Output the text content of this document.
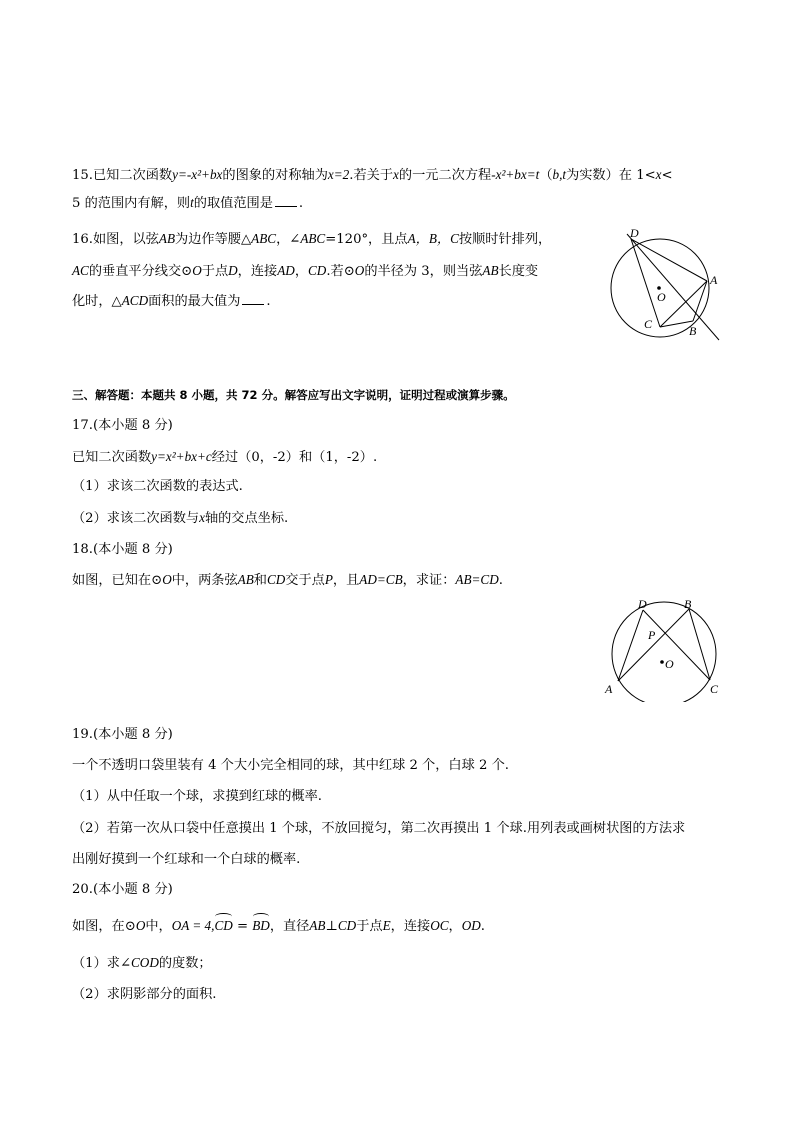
15.已知二次函数y=-x²+bx的图象的对称轴为x=2.若关于x的一元二次方程-x²+bx=t（b,t为实数）在 1<x<
5 的范围内有解，则t的取值范围是 .
16.如图，以弦AB为边作等腰△ABC，∠ABC=120°，且点A，B，C按顺时针排列，
AC的垂直平分线交⊙O于点D，连接AD，CD.若⊙O的半径为 3，则当弦AB长度变
化时，△ACD面积的最大值为 .
D
A
O
C	B
三、解答题：本题共 8 小题，共 72 分。解答应写出文字说明，证明过程或演算步骤。
17.(本小题 8 分)
已知二次函数y=x²+bx+c经过（0，-2）和（1，-2）.
（1）求该二次函数的表达式.
（2）求该二次函数与x轴的交点坐标.
18.(本小题 8 分)
如图，已知在⊙O中，两条弦AB和CD交于点P，且AD=CB，求证：AB=CD.
D	B
P
O
A	C
19.(本小题 8 分)
一个不透明口袋里装有 4 个大小完全相同的球，其中红球 2 个，白球 2 个.
（1）从中任取一个球，求摸到红球的概率.
（2）若第一次从口袋中任意摸出 1 个球，不放回搅匀，第二次再摸出 1 个球.用列表或画树状图的方法求
出刚好摸到一个红球和一个白球的概率.
20.(本小题 8 分)
如图，在⊙O中，OA = 4,CD = BD，直径AB⊥CD于点E，连接OC，OD.
（1）求∠COD的度数；
（2）求阴影部分的面积.
